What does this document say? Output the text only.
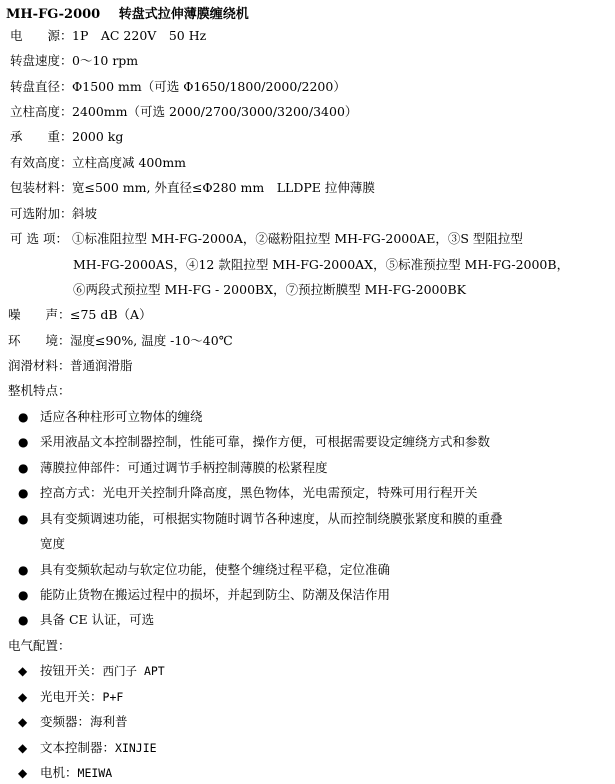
MH-FG-2000 转盘式拉伸薄膜缠绕机
电　　源：1P　AC 220V　50 Hz
转盘速度：0～10 rpm
转盘直径：Φ1500 mm（可选 Φ1650/1800/2000/2200）
立柱高度：2400mm（可选 2000/2700/3000/3200/3400）
承　　重：2000 kg
有效高度：立柱高度减 400mm
包装材料：宽≤500 mm, 外直径≤Φ280 mm　LLDPE 拉伸薄膜
可选附加：斜坡
可 选 项： ①标准阻拉型 MH-FG-2000A，②磁粉阻拉型 MH-FG-2000AE，③S 型阻拉型
MH-FG-2000AS，④12 款阻拉型 MH-FG-2000AX，⑤标准预拉型 MH-FG-2000B，
⑥两段式预拉型 MH-FG - 2000BX，⑦预拉断膜型 MH-FG-2000BK
噪　　声：≤75 dB（A）
环　　境：湿度≤90%, 温度 -10～40℃
润滑材料：普通润滑脂
整机特点：
● 适应各种柱形可立物体的缠绕
● 采用液晶文本控制器控制，性能可靠，操作方便，可根据需要设定缠绕方式和参数
● 薄膜拉伸部件：可通过调节手柄控制薄膜的松紧程度
● 控高方式：光电开关控制升降高度，黑色物体，光电需预定，特殊可用行程开关
● 具有变频调速功能，可根据实物随时调节各种速度，从而控制绕膜张紧度和膜的重叠
宽度
● 具有变频软起动与软定位功能，使整个缠绕过程平稳，定位准确
● 能防止货物在搬运过程中的损坏，并起到防尘、防潮及保洁作用
● 具备 CE 认证，可选
电气配置：
◆ 按钮开关：西门子 APT
◆ 光电开关：P+F
◆ 变频器：海利普
◆ 文本控制器：XINJIE
◆ 电机：MEIWA
